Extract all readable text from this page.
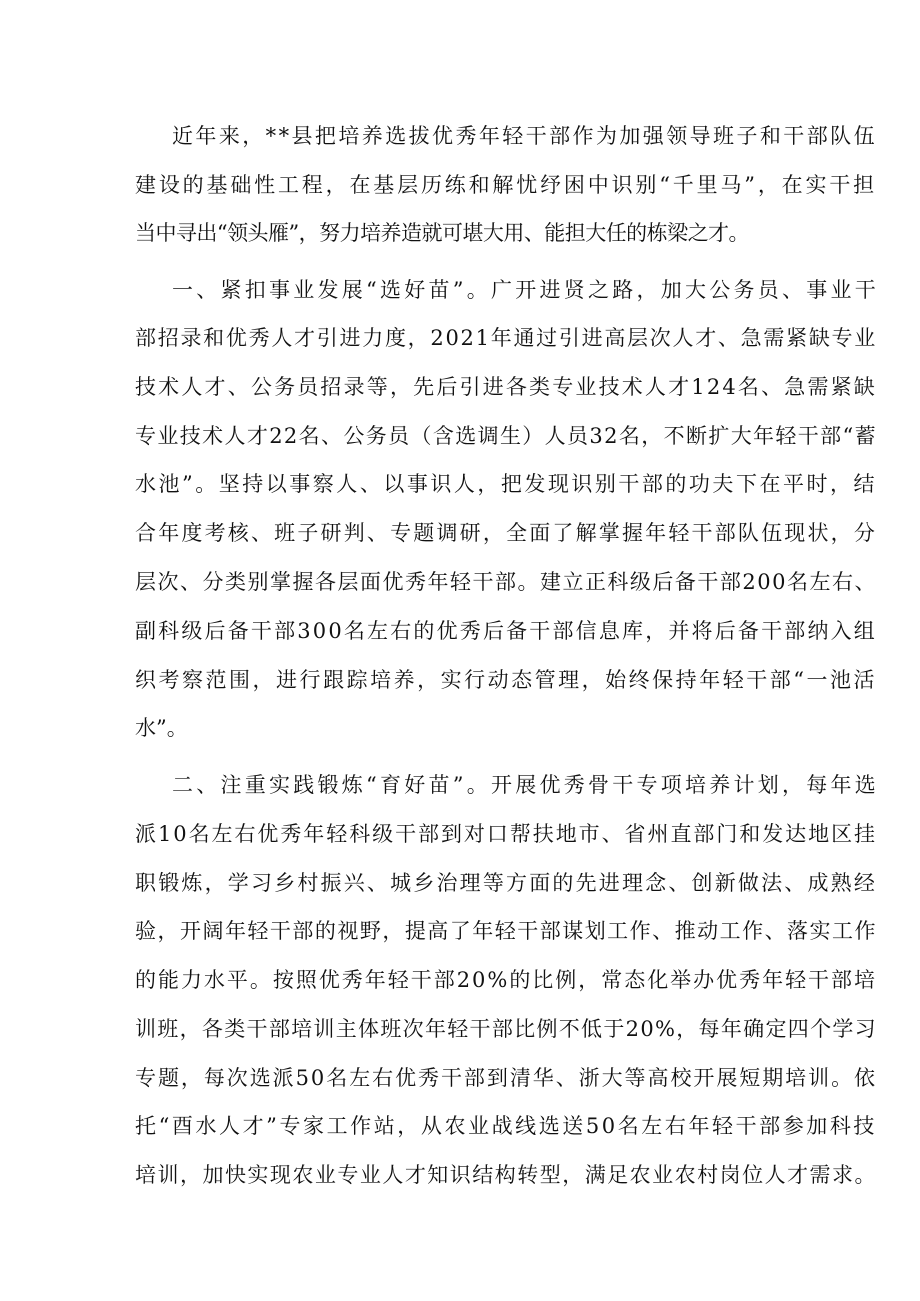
近年来，**县把培养选拔优秀年轻干部作为加强领导班子和干部队伍

建设的基础性工程，在基层历练和解忧纾困中识别“千里马”，在实干担

当中寻出“领头雁”，努力培养造就可堪大用、能担大任的栋梁之才。

一、紧扣事业发展“选好苗”。广开进贤之路，加大公务员、事业干

部招录和优秀人才引进力度，2021年通过引进高层次人才、急需紧缺专业

技术人才、公务员招录等，先后引进各类专业技术人才124名、急需紧缺

专业技术人才22名、公务员（含选调生）人员32名，不断扩大年轻干部“蓄

水池”。坚持以事察人、以事识人，把发现识别干部的功夫下在平时，结

合年度考核、班子研判、专题调研，全面了解掌握年轻干部队伍现状，分

层次、分类别掌握各层面优秀年轻干部。建立正科级后备干部200名左右、

副科级后备干部300名左右的优秀后备干部信息库，并将后备干部纳入组

织考察范围，进行跟踪培养，实行动态管理，始终保持年轻干部“一池活

水”。

二、注重实践锻炼“育好苗”。开展优秀骨干专项培养计划，每年选

派10名左右优秀年轻科级干部到对口帮扶地市、省州直部门和发达地区挂

职锻炼，学习乡村振兴、城乡治理等方面的先进理念、创新做法、成熟经

验，开阔年轻干部的视野，提高了年轻干部谋划工作、推动工作、落实工作

的能力水平。按照优秀年轻干部20%的比例，常态化举办优秀年轻干部培

训班，各类干部培训主体班次年轻干部比例不低于20%，每年确定四个学习

专题，每次选派50名左右优秀干部到清华、浙大等高校开展短期培训。依

托“酉水人才”专家工作站，从农业战线选送50名左右年轻干部参加科技

培训，加快实现农业专业人才知识结构转型，满足农业农村岗位人才需求。
